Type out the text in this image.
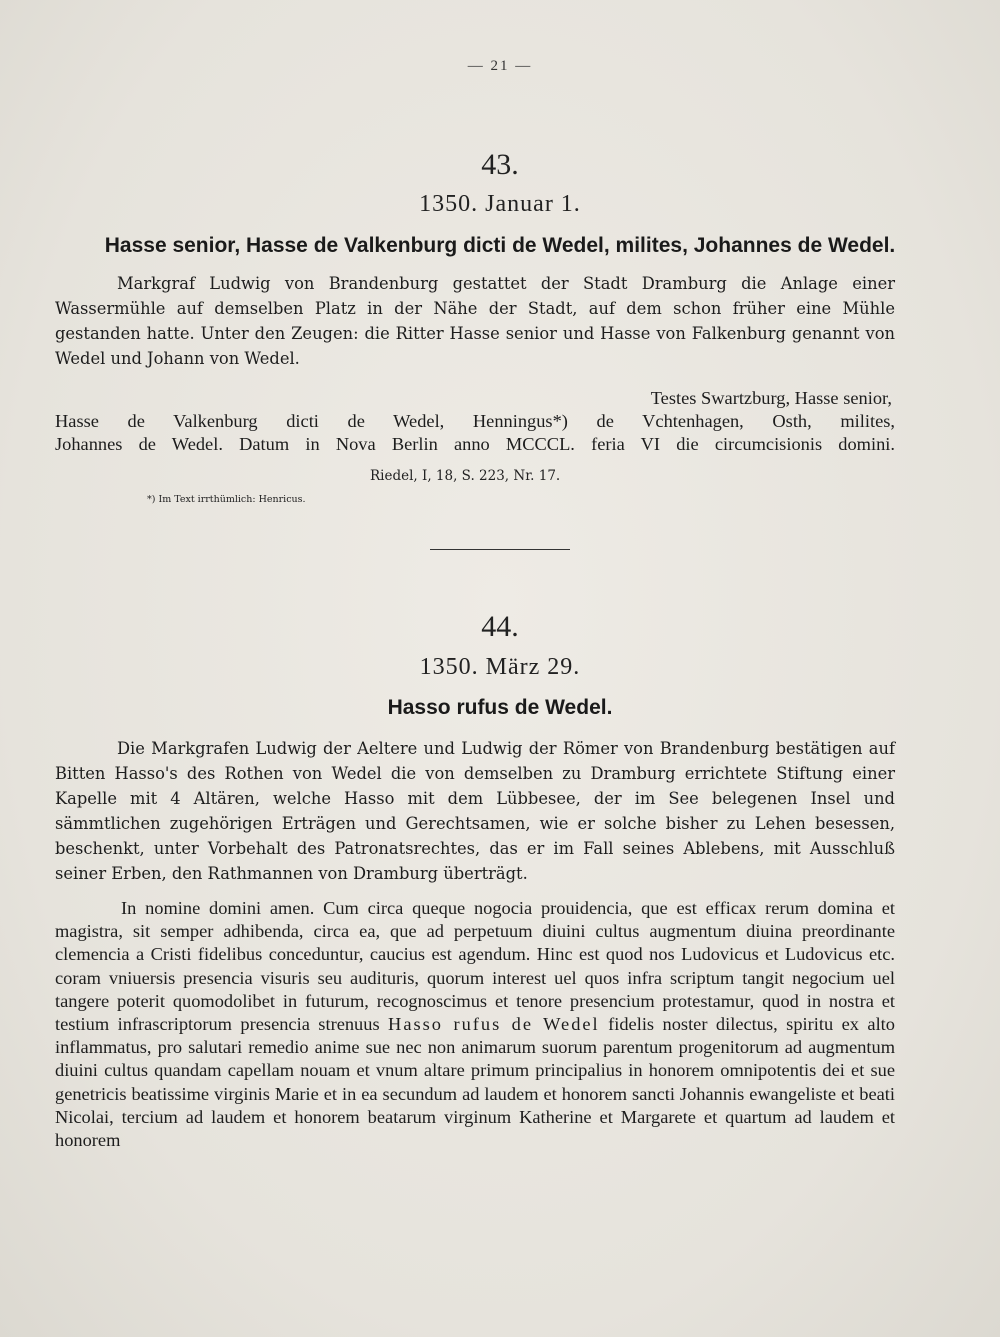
— 21 —
43.
1350. Januar 1.
Hasse senior, Hasse de Valkenburg dicti de Wedel, milites, Johannes de Wedel.

Markgraf Ludwig von Brandenburg gestattet der Stadt Dramburg die Anlage einer Wassermühle auf demselben Platz in der Nähe der Stadt, auf dem schon früher eine Mühle gestanden hatte. Unter den Zeugen: die Ritter Hasse senior und Hasse von Falkenburg genannt von Wedel und Johann von Wedel.

Testes Swartzburg, Hasse senior,

Hasse de Valkenburg dicti de Wedel, Henningus*) de Vchtenhagen, Osth, milites,

Johannes de Wedel. Datum in Nova Berlin anno MCCCL. feria VI die circumcisionis domini.

Riedel, I, 18, S. 223, Nr. 17.
*) Im Text irrthümlich: Henricus.
44.
1350. März 29.
Hasso rufus de Wedel.

Die Markgrafen Ludwig der Aeltere und Ludwig der Römer von Brandenburg bestätigen auf Bitten Hasso's des Rothen von Wedel die von demselben zu Dramburg errichtete Stiftung einer Kapelle mit 4 Altären, welche Hasso mit dem Lübbesee, der im See belegenen Insel und sämmtlichen zugehörigen Erträgen und Gerechtsamen, wie er solche bisher zu Lehen besessen, beschenkt, unter Vorbehalt des Patronatsrechtes, das er im Fall seines Ablebens, mit Ausschluß seiner Erben, den Rathmannen von Dramburg überträgt.

In nomine domini amen. Cum circa queque nogocia prouidencia, que est efficax rerum domina et magistra, sit semper adhibenda, circa ea, que ad perpetuum diuini cultus augmentum diuina preordinante clemencia a Cristi fidelibus conceduntur, caucius est agendum. Hinc est quod nos Ludovicus et Ludovicus etc. coram vniuersis presencia visuris seu audituris, quorum interest uel quos infra scriptum tangit negocium uel tangere poterit quomodolibet in futurum, recognoscimus et tenore presencium protestamur, quod in nostra et testium infrascriptorum presencia strenuus Hasso rufus de Wedel fidelis noster dilectus, spiritu ex alto inflammatus, pro salutari remedio anime sue nec non animarum suorum parentum progenitorum ad augmentum diuini cultus quandam capellam nouam et vnum altare primum principalius in honorem omnipotentis dei et sue genetricis beatissime virginis Marie et in ea secundum ad laudem et honorem sancti Johannis ewangeliste et beati Nicolai, tercium ad laudem et honorem beatarum virginum Katherine et Margarete et quartum ad laudem et honorem
